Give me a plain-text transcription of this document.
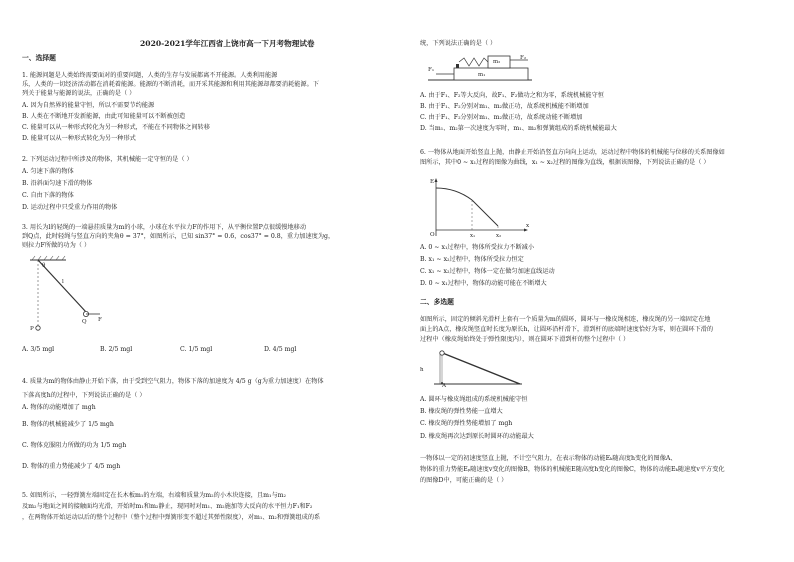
2020-2021学年江西省上饶市高一下月考物理试卷
一、选择题
1. 能源问题是人类始终需要面对的重要问题，人类的生存与发展都离不开能源。人类利用能源
乐，人类的一切经济活动都在消耗着能源。能源的不断消耗，而开采其能源和利用其能源却都要消耗能源。下
列关于能量与能源的说法，正确的是（ ）
A. 因为自然界的能量守恒，所以不需要节约能源
B. 人类在不断地开发新能源，由此可知能量可以不断被创造
C. 能量可以从一种形式转化为另一种形式，不能在不同物体之间转移
D. 能量可以从一种形式转化为另一种形式
2. 下列运动过程中所涉及的物体，其机械能一定守恒的是（ ）
A. 匀速下落的物体
B. 沿斜面匀速下滑的物体
C. 自由下落的物体
D. 运动过程中只受重力作用的物体
3. 用长为l的轻绳的一端悬挂质量为m的小球，小球在水平拉力F的作用下，从平衡位置P点很缓慢地移动
到Q点，此时轻绳与竖直方向的夹角θ = 37°，如图所示，已知 sin37° = 0.6，cos37° = 0.8，重力加速度为g，
则拉力F所做的功为（ ）
θ
l
Q F
P
A. 3/5 mgl	B. 2/5 mgl	C. 1/5 mgl	D. 4/5 mgl
4. 质量为m的物体由静止开始下落，由于受到空气阻力，物体下落的加速度为 4/5 g（g为重力加速度）在物体
下落高度h的过程中，下列说法正确的是（ ）
A. 物体的动能增加了 mgh
B. 物体的机械能减少了 1/5 mgh
C. 物体克服阻力所做的功为 1/5 mgh
D. 物体的重力势能减少了 4/5 mgh
5. 如图所示，一轻弹簧左端固定在长木板m₁的左端，右端和质量为m₂的小木块连接，且m₁与m₂
及m₂与地面之间的接触面均光滑，开始时m₁和m₂静止，现同时对m₁、m₂施加等大反向的水平恒力F₁和F₂
，在两物体开始运动以后的整个过程中（整个过程中弹簧形变不超过其弹性限度），对m₁、m₂和弹簧组成的系
统，下列说法正确的是（ ）
F₁
F₂
m₁
m₂
A. 由于F₁、F₂等大反向，故F₁、F₂做功之和为零，系统机械能守恒
B. 由于F₁、F₂分别对m₁、m₂做正功，故系统机械能不断增加
C. 由于F₁、F₂分别对m₁、m₂做正功，故系统动能不断增加
D. 当m₁、m₂第一次速度为零时，m₁、m₂和弹簧组成的系统机械能最大
6. 一物体从地面开始竖直上抛，由静止开始沿竖直方向向上运动，运动过程中物体的机械能与位移的关系图像如
图所示，其中0 ~ x₁过程的图像为曲线，x₁ ~ x₂过程的图像为直线，根据该图像，下列说法正确的是（ ）
E
O	x₁	x₂
x
A. 0 ~ x₁过程中，物体所受拉力不断减小
B. x₁ ~ x₂过程中，物体所受拉力恒定
C. x₁ ~ x₂过程中，物体一定在做匀加速直线运动
D. 0 ~ x₁过程中，物体的动能可能在不断增大
二、多选题
如图所示，固定的倾斜光滑杆上套有一个质量为m的圆环，圆环与一橡皮绳相连，橡皮绳的另一端固定在地
面上的A点，橡皮绳竖直时长度为原长h，让圆环沿杆滑下，滑到杆的底端时速度恰好为零，则在圆环下滑的
过程中（橡皮绳始终处于弹性限度内），则在圆环下滑到杆的整个过程中（ ）
h
A
A. 圆环与橡皮绳组成的系统机械能守恒
B. 橡皮绳的弹性势能一直增大
C. 橡皮绳的弹性势能增加了 mgh
D. 橡皮绳再次达到原长时圆环的动能最大
一物体以一定的初速度竖直上抛，不计空气阻力，在表示物体的动能Eₖ随高度h变化的图像A、
物体的重力势能Eₚ随速度v变化的图像B，物体的机械能E随高度h变化的图像C，物体的动能Eₖ随速度v平方变化
的图像D中，可能正确的是（ ）
